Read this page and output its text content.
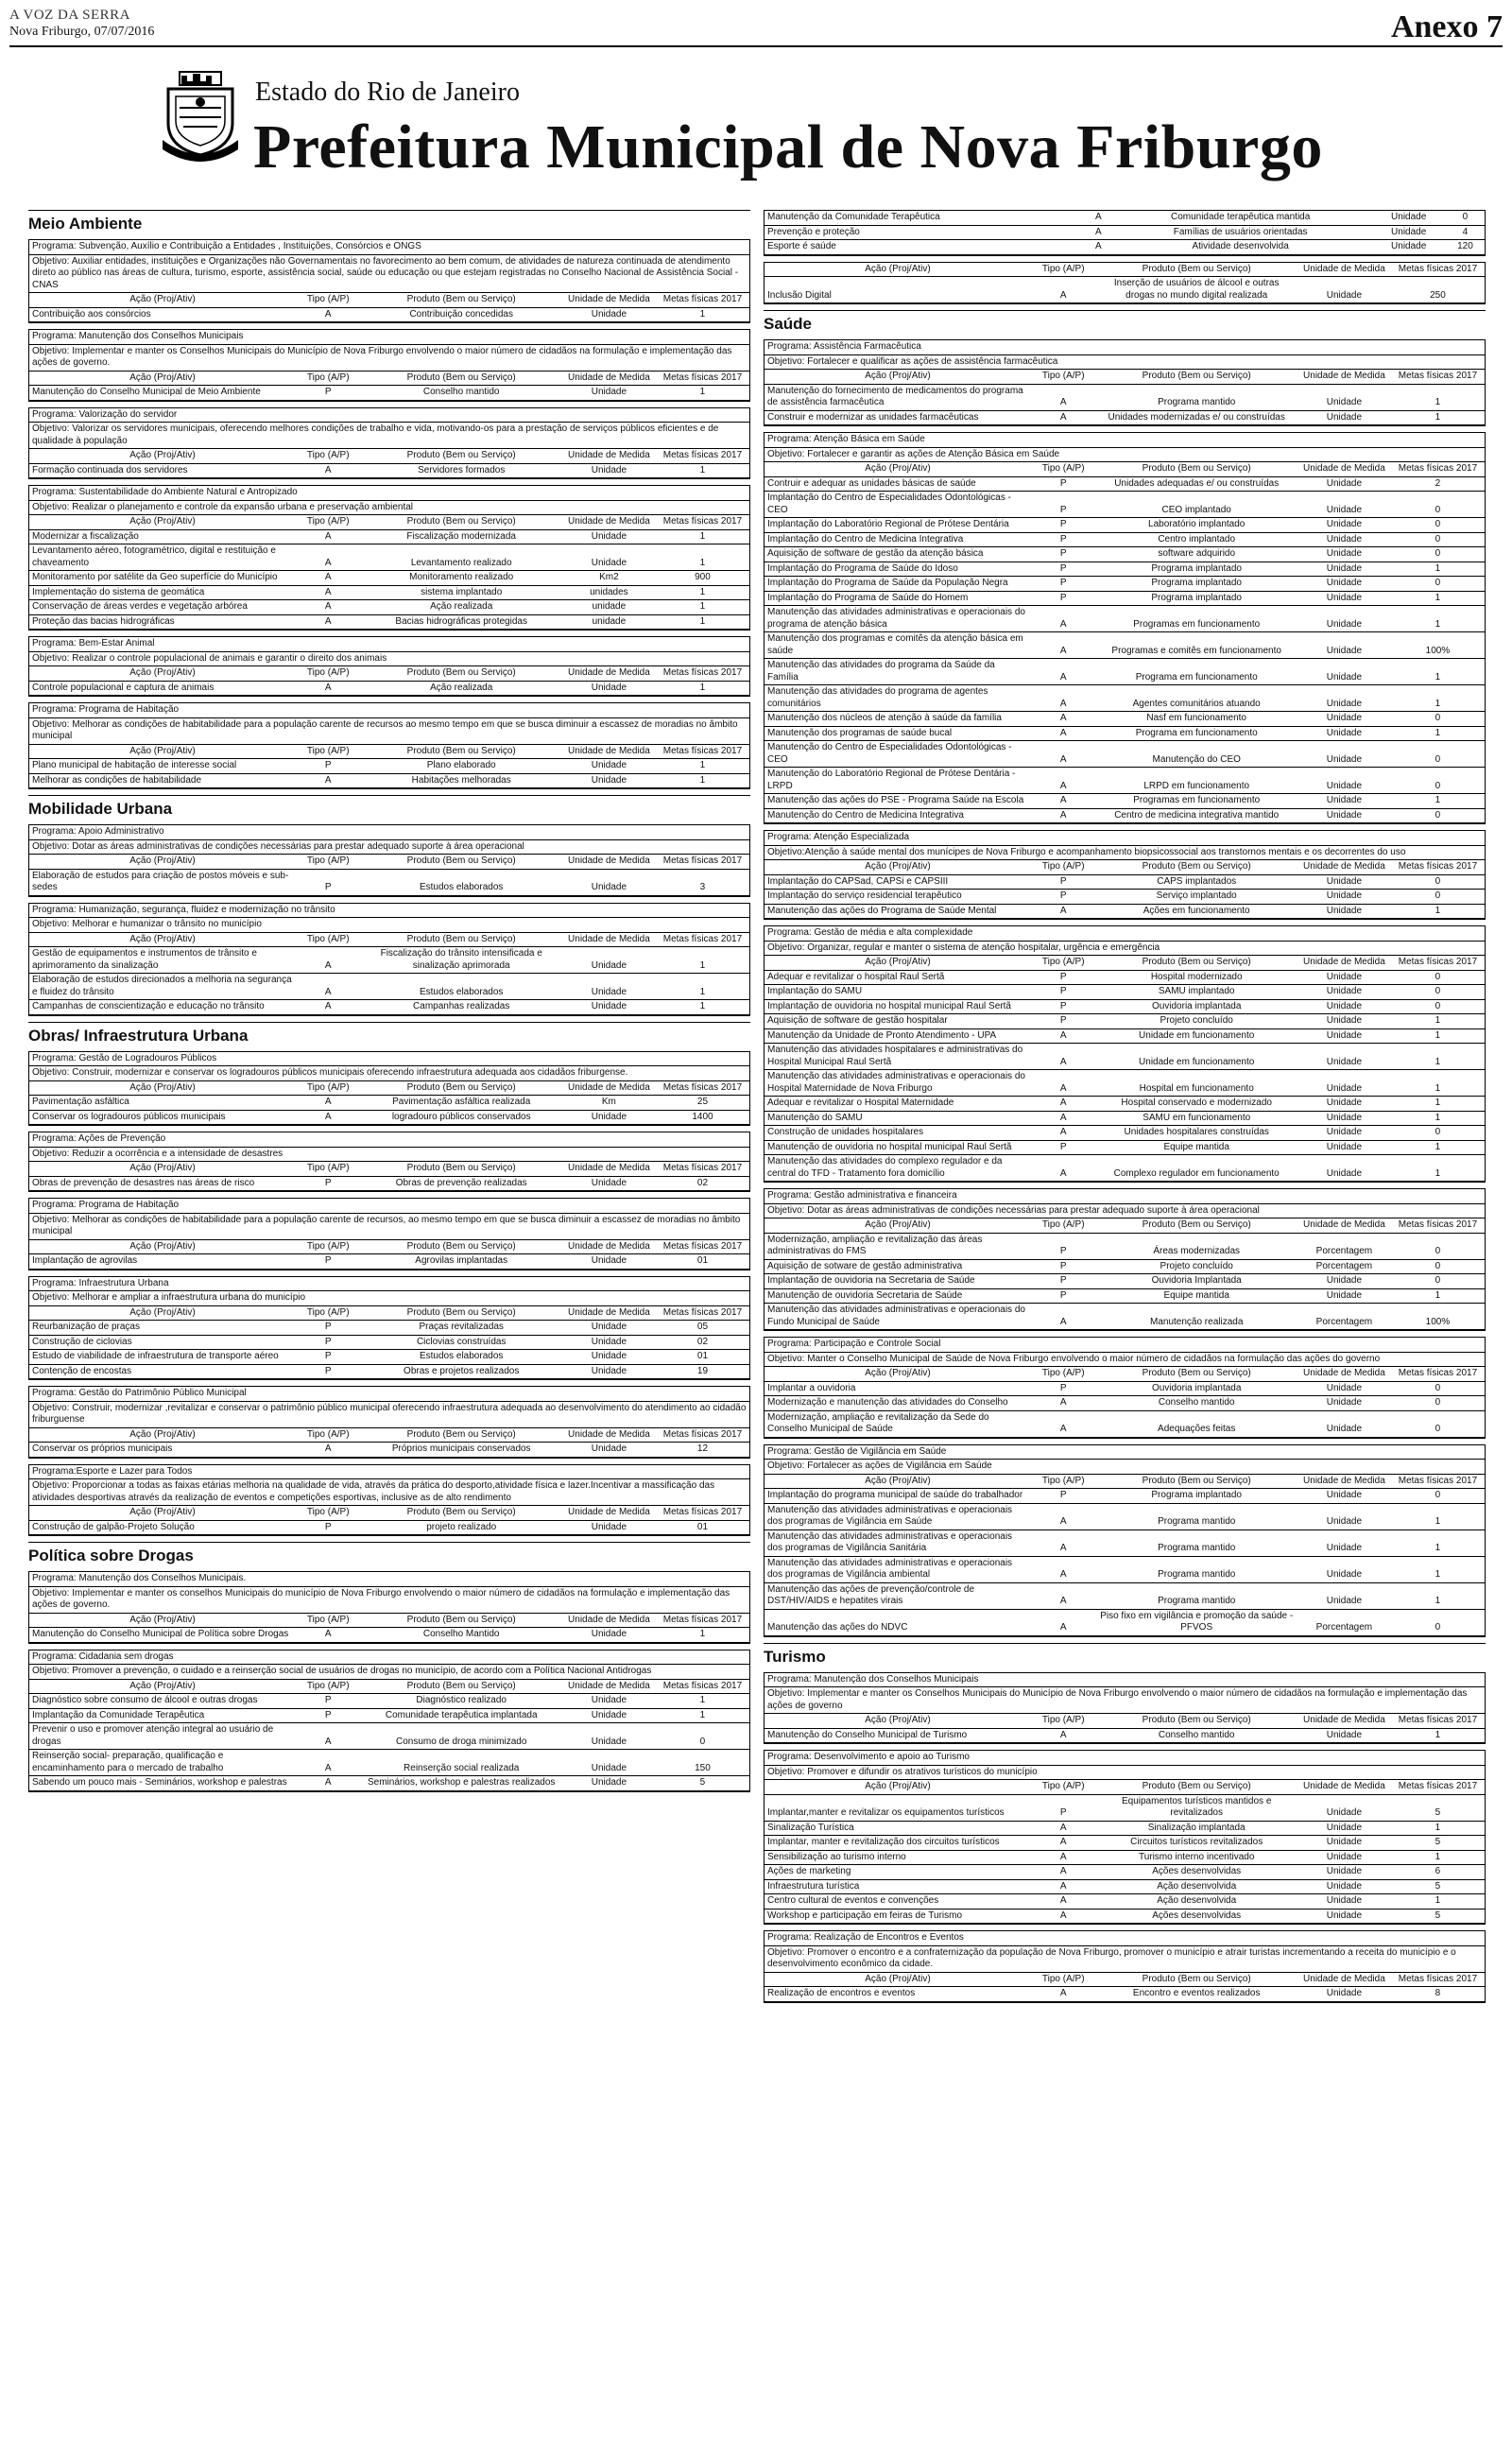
A VOZ DA SERRA
Nova Friburgo, 07/07/2016	Anexo 7
Estado do Rio de Janeiro
Prefeitura Municipal de Nova Friburgo
Meio Ambiente
Programa: Subvenção, Auxílio e Contribuição a Entidades , Instituições, Consórcios e ONGS
Objetivo: Auxiliar entidades, instituições e Organizações não Governamentais no favorecimento ao bem comum, de atividades de natureza continuada de atendimento direto ao público nas áreas de cultura, turismo, esporte, assistência social, saúde ou educação ou que estejam registradas no Conselho Nacional de Assistência Social - CNAS
Ação (Proj/Ativ)	Tipo (A/P)	Produto (Bem ou Serviço)	Unidade de Medida	Metas físicas 2017
Contribuição aos consórcios	A	Contribuição concedidas	Unidade	1
Programa: Manutenção dos Conselhos Municipais
Objetivo: Implementar e manter os Conselhos Municipais do Município de Nova Friburgo envolvendo o maior número de cidadãos na formulação e implementação das ações de governo.
Ação (Proj/Ativ)	Tipo (A/P)	Produto (Bem ou Serviço)	Unidade de Medida	Metas físicas 2017
Manutenção do Conselho Municipal de Meio Ambiente	P	Conselho mantido	Unidade	1
Programa: Valorização do servidor
Objetivo: Valorizar os servidores municipais, oferecendo melhores condições de trabalho e vida, motivando-os para a prestação de serviços públicos eficientes e de qualidade à população
Ação (Proj/Ativ)	Tipo (A/P)	Produto (Bem ou Serviço)	Unidade de Medida	Metas físicas 2017
Formação continuada dos servidores	A	Servidores formados	Unidade	1
Programa: Sustentabilidade do Ambiente Natural e Antropizado
Objetivo: Realizar o planejamento e controle da expansão urbana e preservação ambiental
Ação (Proj/Ativ)	Tipo (A/P)	Produto (Bem ou Serviço)	Unidade de Medida	Metas físicas 2017
Modernizar a fiscalização	A	Fiscalização modernizada	Unidade	1
Levantamento aéreo, fotogramétrico, digital e restituição e chaveamento	A	Levantamento realizado	Unidade	1
Monitoramento por satélite da Geo superfície do Município	A	Monitoramento realizado	Km2	900
Implementação do sistema de geomática	A	sistema implantado	unidades	1
Conservação de áreas verdes e vegetação arbórea	A	Ação realizada	unidade	1
Proteção das bacias hidrográficas	A	Bacias hidrográficas protegidas	unidade	1
Programa: Bem-Estar Animal
Objetivo: Realizar o controle populacional de animais e garantir o direito dos animais
Ação (Proj/Ativ)	Tipo (A/P)	Produto (Bem ou Serviço)	Unidade de Medida	Metas físicas 2017
Controle populacional e captura de animais	A	Ação realizada	Unidade	1
Programa: Programa de Habitação
Objetivo: Melhorar as condições de habitabilidade para a população carente de recursos ao mesmo tempo em que se busca diminuir a escassez de moradias no âmbito municipal
Ação (Proj/Ativ)	Tipo (A/P)	Produto (Bem ou Serviço)	Unidade de Medida	Metas físicas 2017
Plano municipal de habitação de interesse social	P	Plano elaborado	Unidade	1
Melhorar as condições de habitabilidade	A	Habitações melhoradas	Unidade	1
Mobilidade Urbana
Programa: Apoio Administrativo
Objetivo: Dotar as áreas administrativas de condições necessárias para prestar adequado suporte à área operacional
Ação (Proj/Ativ)	Tipo (A/P)	Produto (Bem ou Serviço)	Unidade de Medida	Metas físicas 2017
Elaboração de estudos para criação de postos móveis e sub-sedes	P	Estudos elaborados	Unidade	3
Programa: Humanização, segurança, fluidez e modernização no trânsito
Objetivo: Melhorar e humanizar o trânsito no município
Ação (Proj/Ativ)	Tipo (A/P)	Produto (Bem ou Serviço)	Unidade de Medida	Metas físicas 2017
Gestão de equipamentos e instrumentos de trânsito e aprimoramento da sinalização	A	Fiscalização do trânsito intensificada e sinalização aprimorada	Unidade	1
Elaboração de estudos direcionados a melhoria na segurança e fluidez do trânsito	A	Estudos elaborados	Unidade	1
Campanhas de conscientização e educação no trânsito	A	Campanhas realizadas	Unidade	1
Obras/ Infraestrutura Urbana
Programa: Gestão de Logradouros Públicos
Objetivo: Construir, modernizar e conservar os logradouros públicos municipais oferecendo infraestrutura adequada aos cidadãos friburgense.
Ação (Proj/Ativ)	Tipo (A/P)	Produto (Bem ou Serviço)	Unidade de Medida	Metas físicas 2017
Pavimentação asfáltica	A	Pavimentação asfáltica realizada	Km	25
Conservar os logradouros públicos municipais	A	logradouro públicos conservados	Unidade	1400
Programa: Ações de Prevenção
Objetivo: Reduzir a ocorrência e a intensidade de desastres
Ação (Proj/Ativ)	Tipo (A/P)	Produto (Bem ou Serviço)	Unidade de Medida	Metas físicas 2017
Obras de prevenção de desastres nas áreas de risco	P	Obras de prevenção realizadas	Unidade	02
Programa: Programa de Habitação
Objetivo: Melhorar as condições de habitabilidade para a população carente de recursos, ao mesmo tempo em que se busca diminuir a escassez de moradias no âmbito municipal
Ação (Proj/Ativ)	Tipo (A/P)	Produto (Bem ou Serviço)	Unidade de Medida	Metas físicas 2017
Implantação de agrovilas	P	Agrovilas implantadas	Unidade	01
Programa: Infraestrutura Urbana
Objetivo: Melhorar e ampliar a infraestrutura urbana do município
Ação (Proj/Ativ)	Tipo (A/P)	Produto (Bem ou Serviço)	Unidade de Medida	Metas físicas 2017
Reurbanização de praças	P	Praças revitalizadas	Unidade	05
Construção de ciclovias	P	Ciclovias construídas	Unidade	02
Estudo de viabilidade de infraestrutura de transporte aéreo	P	Estudos elaborados	Unidade	01
Contenção de encostas	P	Obras e projetos realizados	Unidade	19
Programa: Gestão do Patrimônio Público Municipal
Objetivo: Construir, modernizar ,revitalizar e conservar o patrimônio público municipal oferecendo infraestrutura adequada ao desenvolvimento do atendimento ao cidadão friburguense
Ação (Proj/Ativ)	Tipo (A/P)	Produto (Bem ou Serviço)	Unidade de Medida	Metas físicas 2017
Conservar os próprios municipais	A	Próprios municipais conservados	Unidade	12
Programa:Esporte e Lazer para Todos
Objetivo: Proporcionar a todas as faixas etárias melhoria na qualidade de vida, através da prática do desporto,atividade física e lazer.Incentivar a massificação das atividades desportivas através da realização de eventos e competições esportivas, inclusive as de alto rendimento
Ação (Proj/Ativ)	Tipo (A/P)	Produto (Bem ou Serviço)	Unidade de Medida	Metas físicas 2017
Construção de galpão-Projeto Solução	P	projeto realizado	Unidade	01
Política sobre Drogas
Programa: Manutenção dos Conselhos Municipais.
Objetivo: Implementar e manter os conselhos Municipais do município de Nova Friburgo envolvendo o maior número de cidadãos na formulação e implementação das ações de governo.
Ação (Proj/Ativ)	Tipo (A/P)	Produto (Bem ou Serviço)	Unidade de Medida	Metas físicas 2017
Manutenção do Conselho Municipal de Política sobre Drogas	A	Conselho Mantido	Unidade	1
Programa: Cidadania sem drogas
Objetivo: Promover a prevenção, o cuidado e a reinserção social de usuários de drogas no município, de acordo com a Política Nacional Antidrogas
Ação (Proj/Ativ)	Tipo (A/P)	Produto (Bem ou Serviço)	Unidade de Medida	Metas físicas 2017
Diagnóstico sobre consumo de álcool e outras drogas	P	Diagnóstico realizado	Unidade	1
Implantação da Comunidade Terapêutica	P	Comunidade terapêutica implantada	Unidade	1
Prevenir o uso e promover atenção integral ao usuário de drogas	A	Consumo de droga minimizado	Unidade	0
Reinserção social- preparação, qualificação e encaminhamento para o mercado de trabalho	A	Reinserção social realizada	Unidade	150
Sabendo um pouco mais - Seminários, workshop e palestras	A	Seminários, workshop e palestras realizados	Unidade	5
Manutenção da Comunidade Terapêutica	A	Comunidade terapêutica mantida	Unidade	0
Prevenção e proteção	A	Famílias de usuários orientadas	Unidade	4
Esporte é saúde	A	Atividade desenvolvida	Unidade	120
Ação (Proj/Ativ)	Tipo (A/P)	Produto (Bem ou Serviço)	Unidade de Medida	Metas físicas 2017
Inclusão Digital	A	Inserção de usuários de álcool e outras drogas no mundo digital realizada	Unidade	250
Saúde
Programa: Assistência Farmacêutica
Objetivo: Fortalecer e qualificar as ações de assistência farmacêutica
Ação (Proj/Ativ)	Tipo (A/P)	Produto (Bem ou Serviço)	Unidade de Medida	Metas físicas 2017
Manutenção do fornecimento de medicamentos do programa de assistência farmacêutica	A	Programa mantido	Unidade	1
Construir e modernizar as unidades farmacêuticas	A	Unidades modernizadas e/ ou construídas	Unidade	1
Programa: Atenção Básica em Saúde
Objetivo: Fortalecer e garantir as ações de Atenção Básica em Saúde
Ação (Proj/Ativ)	Tipo (A/P)	Produto (Bem ou Serviço)	Unidade de Medida	Metas físicas 2017
Contruir e adequar as unidades básicas de saúde	P	Unidades adequadas e/ ou construídas	Unidade	2
Implantação do Centro de Especialidades Odontológicas - CEO	P	CEO implantado	Unidade	0
Implantação do Laboratório Regional de Prótese Dentária	P	Laboratório implantado	Unidade	0
Implantação do Centro de Medicina Integrativa	P	Centro implantado	Unidade	0
Aquisição de software de gestão da atenção básica	P	software adquirido	Unidade	0
Implantação do Programa de Saúde do Idoso	P	Programa implantado	Unidade	1
Implantação do Programa de Saúde da População Negra	P	Programa implantado	Unidade	0
Implantação do Programa de Saúde do Homem	P	Programa implantado	Unidade	1
Manutenção das atividades administrativas e operacionais do programa de atenção básica	A	Programas em funcionamento	Unidade	1
Manutenção dos programas e comitês da atenção básica em saúde	A	Programas e comitês em funcionamento	Unidade	100%
Manutenção das atividades do programa da Saúde da Família	A	Programa em funcionamento	Unidade	1
Manutenção das atividades do programa de agentes comunitários	A	Agentes comunitários atuando	Unidade	1
Manutenção dos núcleos de atenção à saúde da família	A	Nasf em funcionamento	Unidade	0
Manutenção dos programas de saúde bucal	A	Programa em funcionamento	Unidade	1
Manutenção do Centro de Especialidades Odontológicas - CEO	A	Manutenção do CEO	Unidade	0
Manutenção do Laboratório Regional de Prótese Dentária - LRPD	A	LRPD em funcionamento	Unidade	0
Manutenção das ações do PSE - Programa Saúde na Escola	A	Programas em funcionamento	Unidade	1
Manutenção do Centro de Medicina Integrativa	A	Centro de medicina integrativa mantido	Unidade	0
Programa: Atenção Especializada
Objetivo:Atenção à saúde mental dos munícipes de Nova Friburgo e acompanhamento biopsicossocial aos transtornos mentais e os decorrentes do uso
Ação (Proj/Ativ)	Tipo (A/P)	Produto (Bem ou Serviço)	Unidade de Medida	Metas físicas 2017
Implantação do CAPSad, CAPSi e CAPSIII	P	CAPS implantados	Unidade	0
Implantação do serviço residencial terapêutico	P	Serviço implantado	Unidade	0
Manutenção das ações do Programa de Saúde Mental	A	Ações em funcionamento	Unidade	1
Programa: Gestão de média e alta complexidade
Objetivo: Organizar, regular e manter o sistema de atenção hospitalar, urgência e emergência
Ação (Proj/Ativ)	Tipo (A/P)	Produto (Bem ou Serviço)	Unidade de Medida	Metas físicas 2017
Adequar e revitalizar o hospital Raul Sertã	P	Hospital modernizado	Unidade	0
Implantação do SAMU	P	SAMU implantado	Unidade	0
Implantação de ouvidoria no hospital municipal Raul Sertã	P	Ouvidoria implantada	Unidade	0
Aquisição de software de gestão hospitalar	P	Projeto concluído	Unidade	1
Manutenção da Unidade de Pronto Atendimento - UPA	A	Unidade em funcionamento	Unidade	1
Manutenção das atividades hospitalares e administrativas do Hospital Municipal Raul Sertã	A	Unidade em funcionamento	Unidade	1
Manutenção das atividades administrativas e operacionais do Hospital Maternidade de Nova Friburgo	A	Hospital em funcionamento	Unidade	1
Adequar e revitalizar o Hospital Maternidade	A	Hospital conservado e modernizado	Unidade	1
Manutenção do SAMU	A	SAMU em funcionamento	Unidade	1
Construção de unidades hospitalares	A	Unidades hospitalares construídas	Unidade	0
Manutenção de ouvidoria no hospital municipal Raul Sertã	P	Equipe mantida	Unidade	1
Manutenção das atividades do complexo regulador e da central do TFD - Tratamento fora domicílio	A	Complexo regulador em funcionamento	Unidade	1
Programa: Gestão administrativa e financeira
Objetivo: Dotar as áreas administrativas de condições necessárias para prestar adequado suporte à área operacional
Ação (Proj/Ativ)	Tipo (A/P)	Produto (Bem ou Serviço)	Unidade de Medida	Metas físicas 2017
Modernização, ampliação e revitalização das áreas administrativas do FMS	P	Áreas modernizadas	Porcentagem	0
Aquisição de sotware de gestão administrativa	P	Projeto concluído	Porcentagem	0
Implantação de ouvidoria na Secretaria de Saúde	P	Ouvidoria Implantada	Unidade	0
Manutenção de ouvidoria Secretaria de Saúde	P	Equipe mantida	Unidade	1
Manutenção das atividades administrativas e operacionais do Fundo Municipal de Saúde	A	Manutenção realizada	Porcentagem	100%
Programa: Participação e Controle Social
Objetivo: Manter o Conselho Municipal de Saúde de Nova Friburgo envolvendo o maior número de cidadãos na formulação das ações do governo
Ação (Proj/Ativ)	Tipo (A/P)	Produto (Bem ou Serviço)	Unidade de Medida	Metas físicas 2017
Implantar a ouvidoria	P	Ouvidoria implantada	Unidade	0
Modernização e manutenção das atividades do Conselho	A	Conselho mantido	Unidade	0
Modernização, ampliação e revitalização da Sede do Conselho Municipal de Saúde	A	Adequações feitas	Unidade	0
Programa: Gestão de Vigilância em Saúde
Objetivo: Fortalecer as ações de Vigilância em Saúde
Ação (Proj/Ativ)	Tipo (A/P)	Produto (Bem ou Serviço)	Unidade de Medida	Metas físicas 2017
Implantação do programa municipal de saúde do trabalhador	P	Programa implantado	Unidade	0
Manutenção das atividades administrativas e operacionais dos programas de Vigilância em Saúde	A	Programa mantido	Unidade	1
Manutenção das atividades administrativas e operacionais dos programas de Vigilância Sanitária	A	Programa mantido	Unidade	1
Manutenção das atividades administrativas e operacionais dos programas de Vigilância ambiental	A	Programa mantido	Unidade	1
Manutenção das ações de prevenção/controle de DST/HIV/AIDS e hepatites virais	A	Programa mantido	Unidade	1
Manutenção das ações do NDVC	A	Piso fixo em vigilância e promoção da saúde - PFVOS	Porcentagem	0
Turismo
Programa: Manutenção dos Conselhos Municipais
Objetivo: Implementar e manter os Conselhos Municipais do Município de Nova Friburgo envolvendo o maior número de cidadãos na formulação e implementação das ações de governo
Ação (Proj/Ativ)	Tipo (A/P)	Produto (Bem ou Serviço)	Unidade de Medida	Metas físicas 2017
Manutenção do Conselho Municipal de Turismo	A	Conselho mantido	Unidade	1
Programa: Desenvolvimento e apoio ao Turismo
Objetivo: Promover e difundir os atrativos turísticos do município
Ação (Proj/Ativ)	Tipo (A/P)	Produto (Bem ou Serviço)	Unidade de Medida	Metas físicas 2017
Implantar,manter e revitalizar os equipamentos turísticos	P	Equipamentos turísticos mantidos e revitalizados	Unidade	5
Sinalização Turística	A	Sinalização implantada	Unidade	1
Implantar, manter e revitalização dos circuitos turísticos	A	Circuitos turísticos revitalizados	Unidade	5
Sensibilização ao turismo interno	A	Turismo interno incentivado	Unidade	1
Ações de marketing	A	Ações desenvolvidas	Unidade	6
Infraestrutura turística	A	Ação desenvolvida	Unidade	5
Centro cultural de eventos e convenções	A	Ação desenvolvida	Unidade	1
Workshop e participação em feiras de Turismo	A	Ações desenvolvidas	Unidade	5
Programa: Realização de Encontros e Eventos
Objetivo: Promover o encontro e a confraternização da população de Nova Friburgo, promover o município e atrair turistas incrementando a receita do município e o desenvolvimento econômico da cidade.
Ação (Proj/Ativ)	Tipo (A/P)	Produto (Bem ou Serviço)	Unidade de Medida	Metas físicas 2017
Realização de encontros e eventos	A	Encontro e eventos realizados	Unidade	8
